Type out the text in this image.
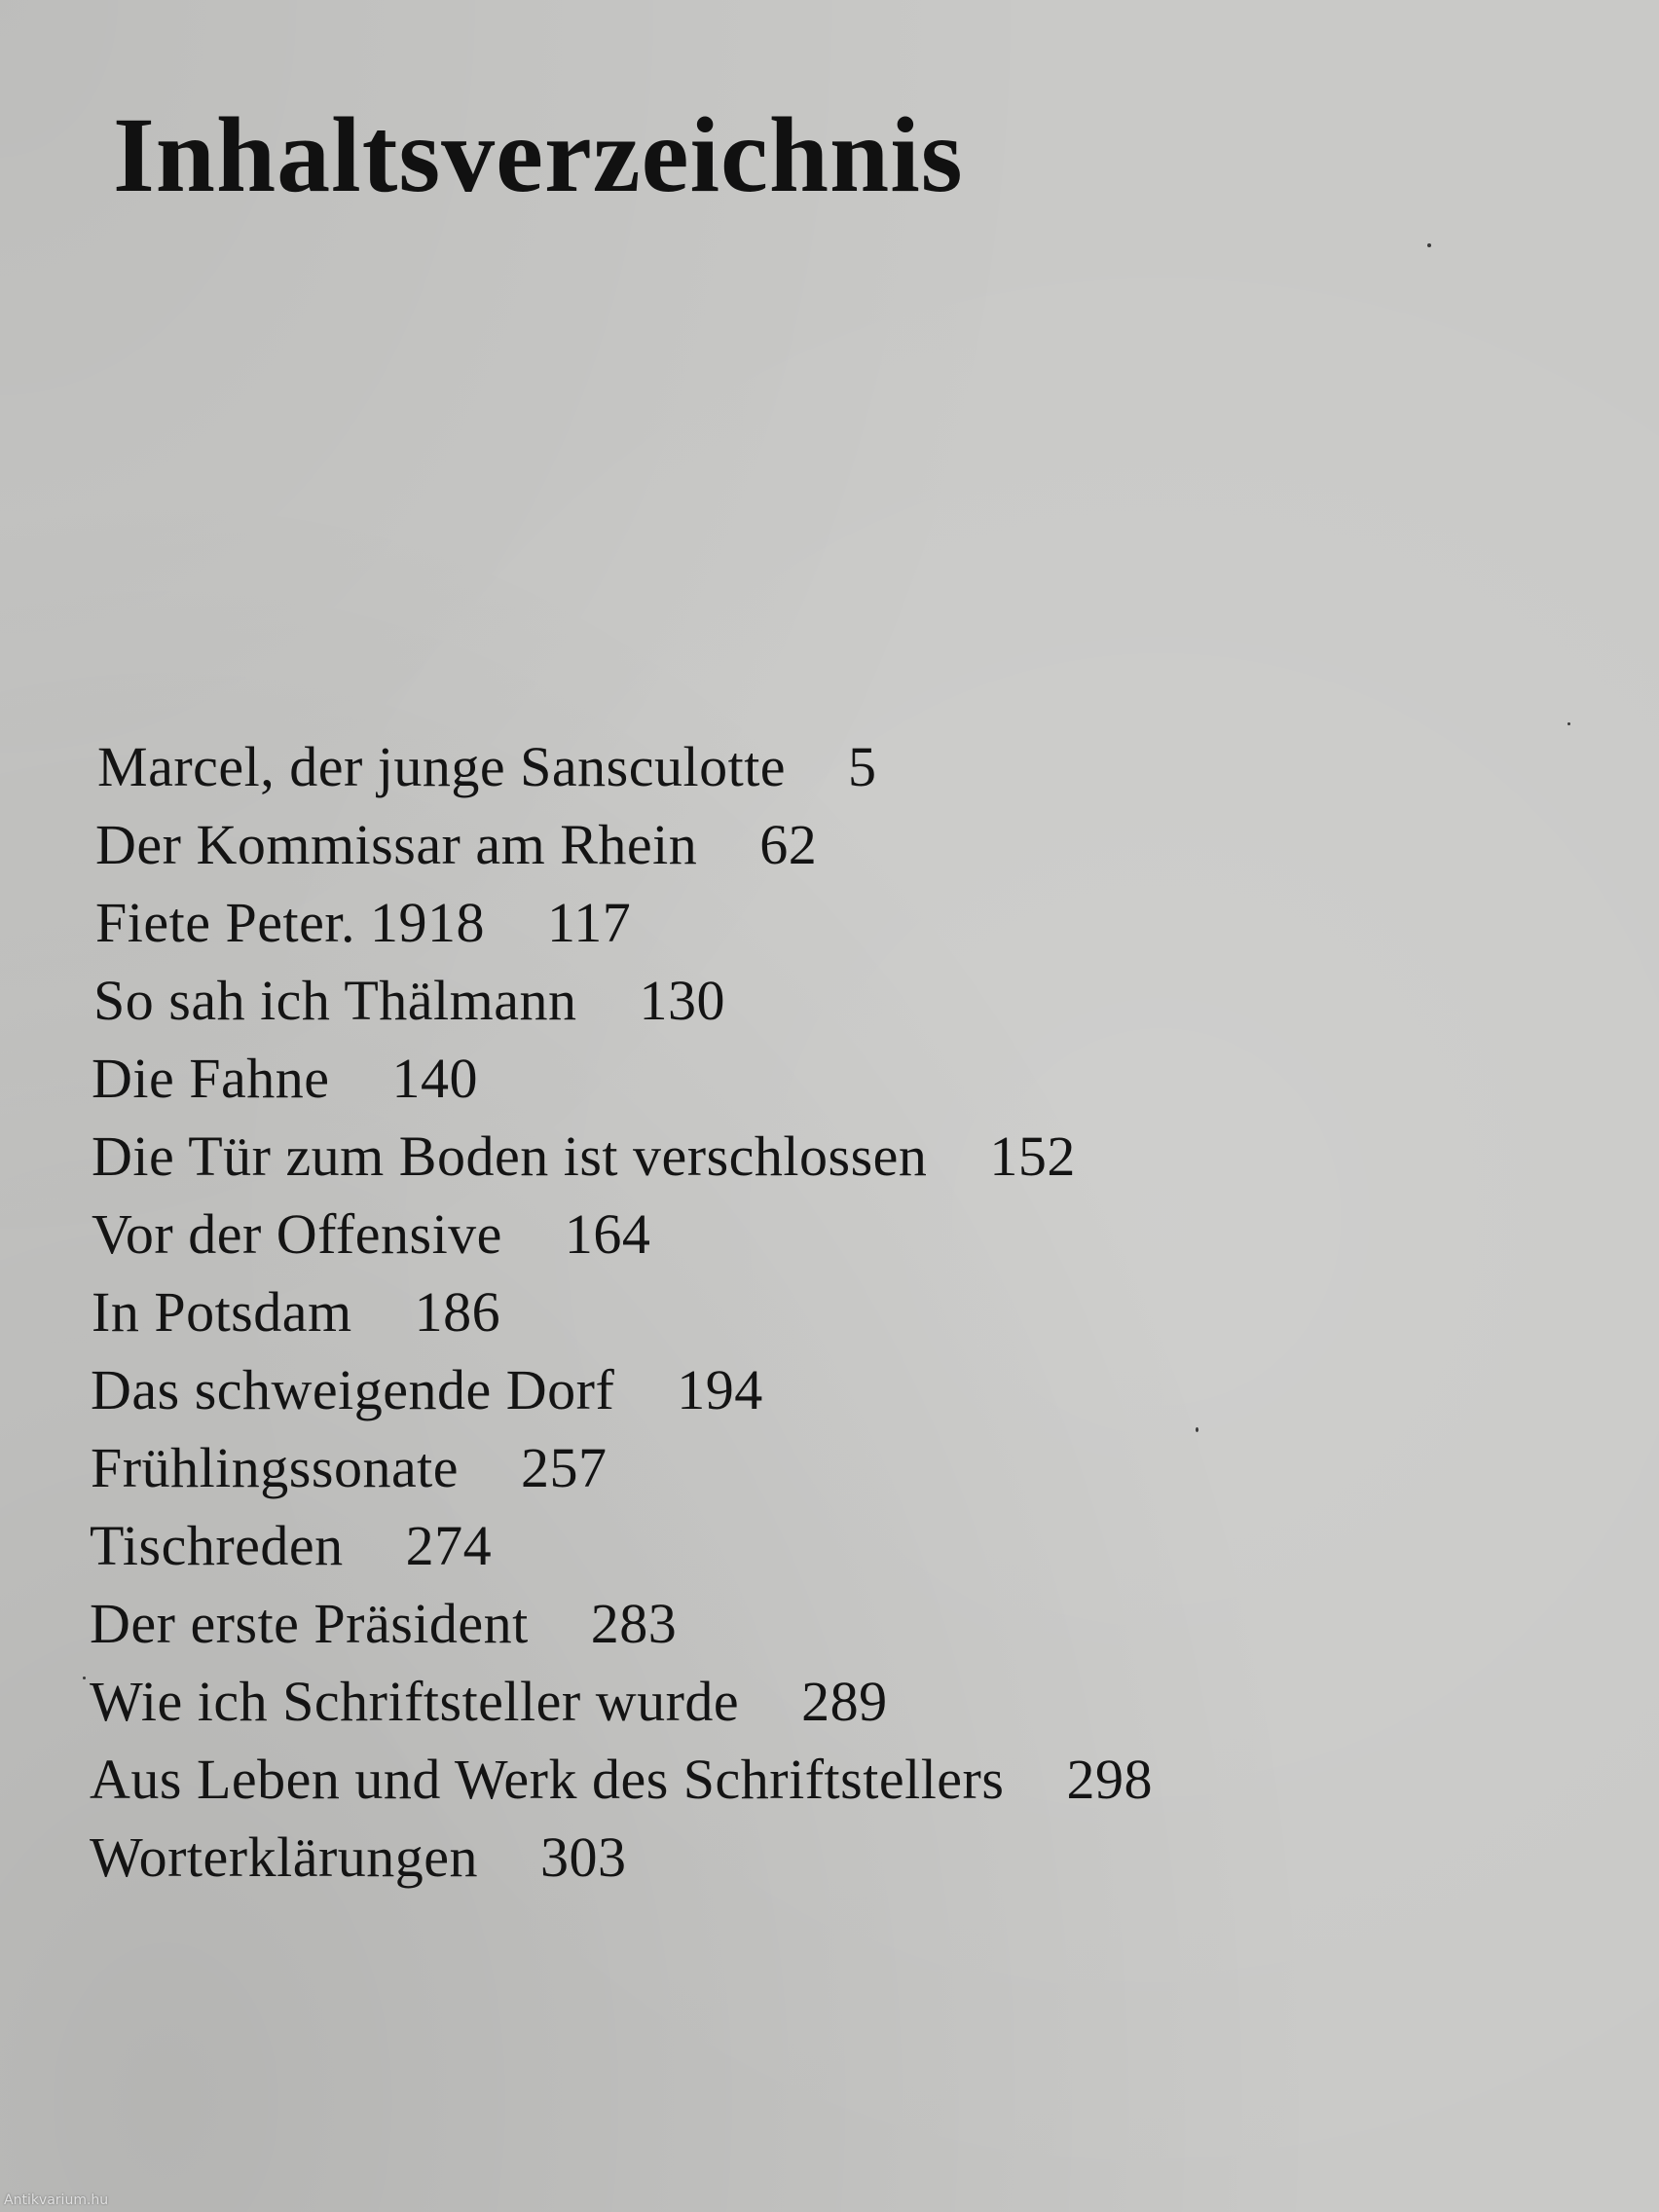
Inhaltsverzeichnis
Marcel, der junge Sansculotte 5
Der Kommissar am Rhein 62
Fiete Peter. 1918 117
So sah ich Thälmann 130
Die Fahne 140
Die Tür zum Boden ist verschlossen 152
Vor der Offensive 164
In Potsdam 186
Das schweigende Dorf 194
Frühlingssonate 257
Tischreden 274
Der erste Präsident 283
Wie ich Schriftsteller wurde 289
Aus Leben und Werk des Schriftstellers 298
Worterklärungen 303
Antikvarium.hu
